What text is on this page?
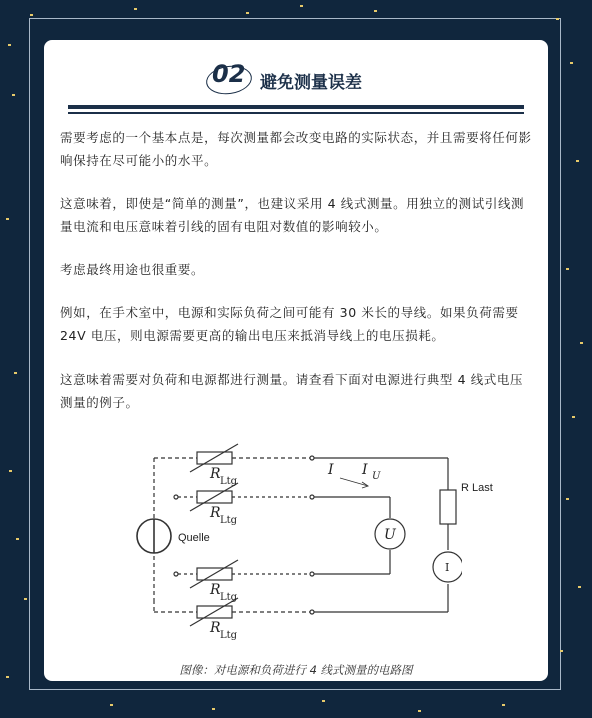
02 避免测量误差

需要考虑的一个基本点是，每次测量都会改变电路的实际状态，并且需要将任何影响保持在尽可能小的水平。

这意味着，即使是“简单的测量”，也建议采用 4 线式测量。用独立的测试引线测量电流和电压意味着引线的固有电阻对数值的影响较小。

考虑最终用途也很重要。

例如，在手术室中，电源和实际负荷之间可能有 30 米长的导线。如果负荷需要 24V 电压，则电源需要更高的输出电压来抵消导线上的电压损耗。

这意味着需要对负荷和电源都进行测量。请查看下面对电源进行典型 4 线式电压测量的例子。

I I U
U
I
R Ltg
R Ltg
R Ltg
R Ltg
Quelle
R Last
图像：对电源和负荷进行 4 线式测量的电路图
